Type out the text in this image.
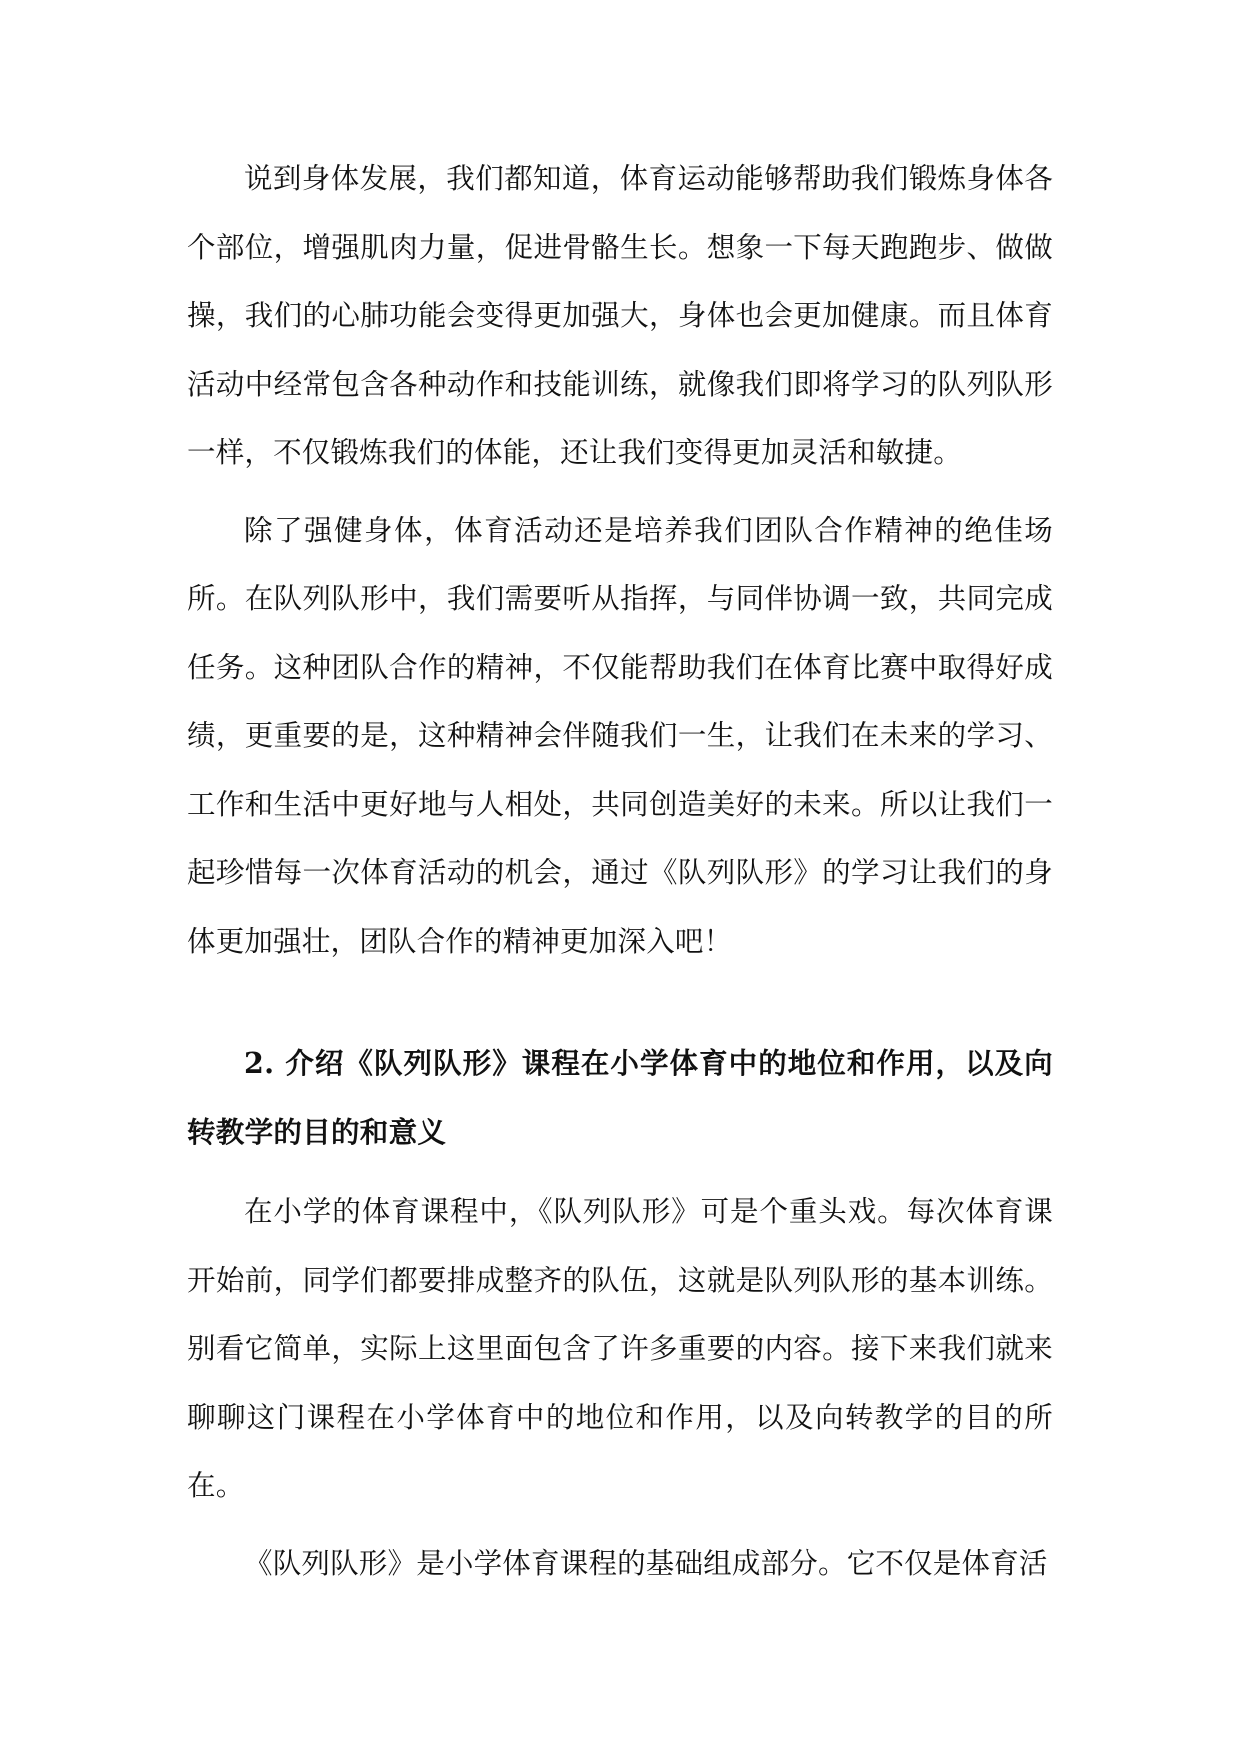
说到身体发展，我们都知道，体育运动能够帮助我们锻炼身体各个部位，增强肌肉力量，促进骨骼生长。想象一下每天跑跑步、做做操，我们的心肺功能会变得更加强大，身体也会更加健康。而且体育活动中经常包含各种动作和技能训练，就像我们即将学习的队列队形一样，不仅锻炼我们的体能，还让我们变得更加灵活和敏捷。

除了强健身体，体育活动还是培养我们团队合作精神的绝佳场所。在队列队形中，我们需要听从指挥，与同伴协调一致，共同完成任务。这种团队合作的精神，不仅能帮助我们在体育比赛中取得好成绩，更重要的是，这种精神会伴随我们一生，让我们在未来的学习、工作和生活中更好地与人相处，共同创造美好的未来。所以让我们一起珍惜每一次体育活动的机会，通过《队列队形》的学习让我们的身体更加强壮，团队合作的精神更加深入吧！

2. 介绍《队列队形》课程在小学体育中的地位和作用，以及向转教学的目的和意义

在小学的体育课程中，《队列队形》可是个重头戏。每次体育课开始前，同学们都要排成整齐的队伍，这就是队列队形的基本训练。别看它简单，实际上这里面包含了许多重要的内容。接下来我们就来聊聊这门课程在小学体育中的地位和作用，以及向转教学的目的所在。

《队列队形》是小学体育课程的基础组成部分。它不仅是体育活
